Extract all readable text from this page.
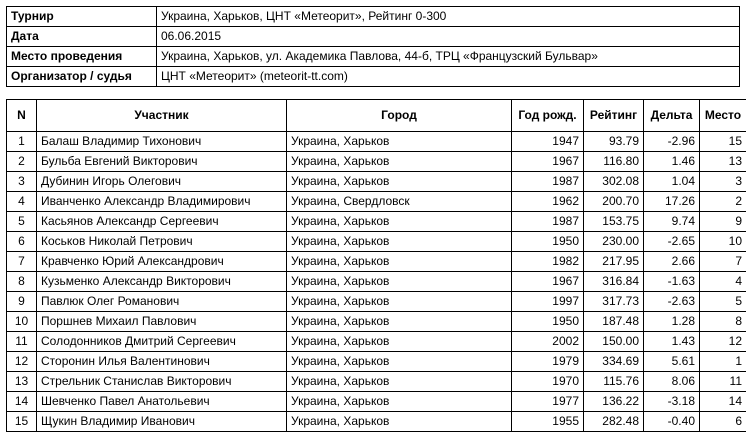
Турнир	Украина, Харьков, ЦНТ «Метеорит», Рейтинг 0-300
Дата	06.06.2015
Место проведения	Украина, Харьков, ул. Академика Павлова, 44-б, ТРЦ «Французский Бульвар»
Организатор / судья	ЦНТ «Метеорит» (meteorit-tt.com)
N	Участник	Город	Год рожд.	Рейтинг	Дельта	Место
1	Балаш Владимир Тихонович	Украина, Харьков	1947	93.79	-2.96	15
2	Бульба Евгений Викторович	Украина, Харьков	1967	116.80	1.46	13
3	Дубинин Игорь Олегович	Украина, Харьков	1987	302.08	1.04	3
4	Иванченко Александр Владимирович	Украина, Свердловск	1962	200.70	17.26	2
5	Касьянов Александр Сергеевич	Украина, Харьков	1987	153.75	9.74	9
6	Коськов Николай Петрович	Украина, Харьков	1950	230.00	-2.65	10
7	Кравченко Юрий Александрович	Украина, Харьков	1982	217.95	2.66	7
8	Кузьменко Александр Викторович	Украина, Харьков	1967	316.84	-1.63	4
9	Павлюк Олег Романович	Украина, Харьков	1997	317.73	-2.63	5
10	Поршнев Михаил Павлович	Украина, Харьков	1950	187.48	1.28	8
11	Солодонников Дмитрий Сергеевич	Украина, Харьков	2002	150.00	1.43	12
12	Сторонин Илья Валентинович	Украина, Харьков	1979	334.69	5.61	1
13	Стрельник Станислав Викторович	Украина, Харьков	1970	115.76	8.06	11
14	Шевченко Павел Анатольевич	Украина, Харьков	1977	136.22	-3.18	14
15	Щукин Владимир Иванович	Украина, Харьков	1955	282.48	-0.40	6
